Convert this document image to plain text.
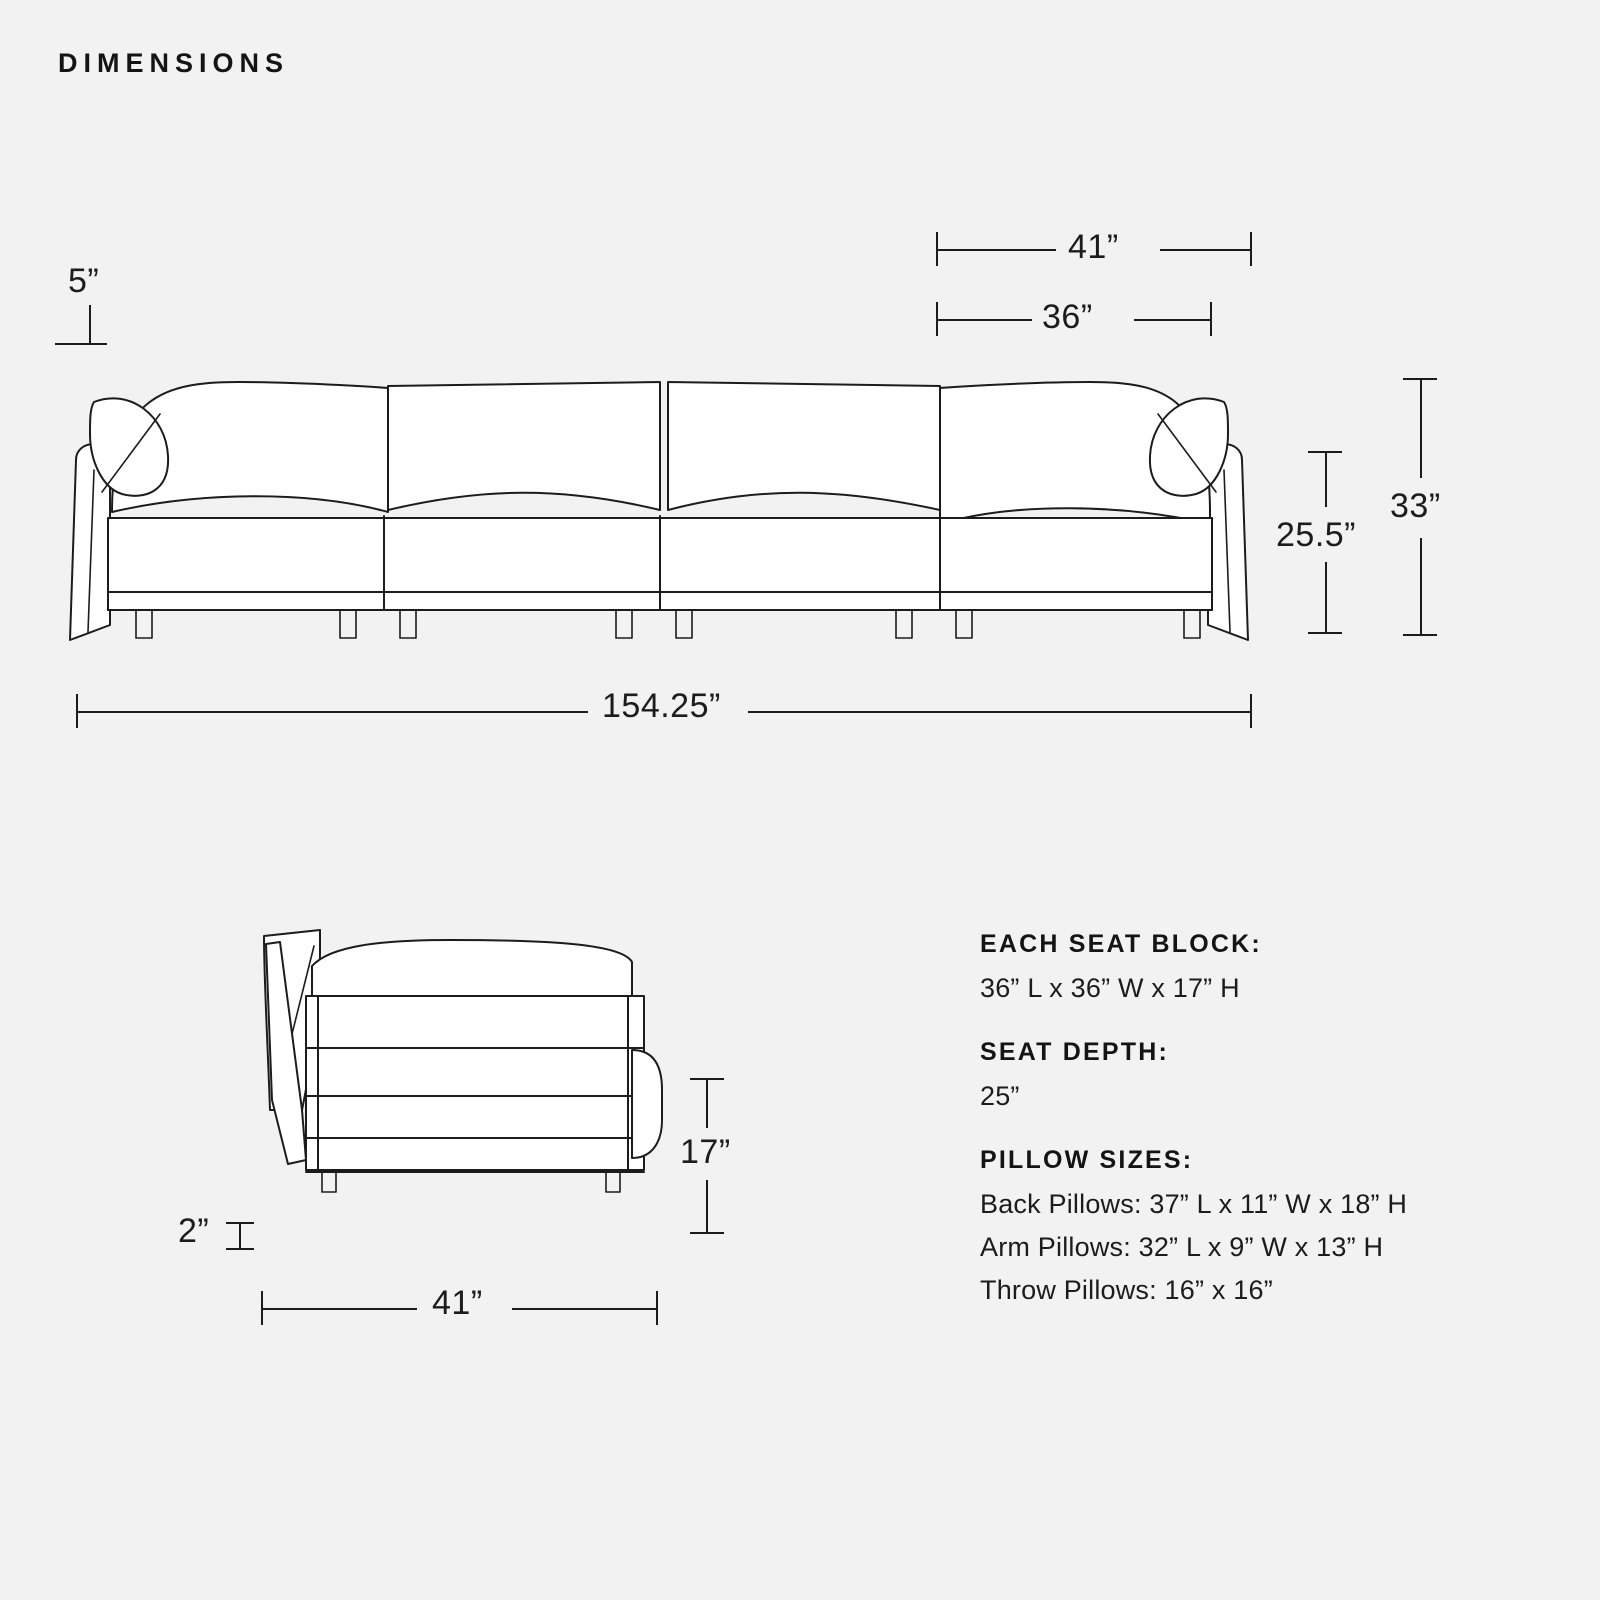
DIMENSIONS
41”
36”
5”
25.5”
33”
154.25”
17”
2”
41”
EACH SEAT BLOCK:
36” L x 36” W x 17” H
SEAT DEPTH:
25”
PILLOW SIZES:
Back Pillows: 37” L x 11” W x 18” H
Arm Pillows: 32” L x 9” W x 13” H
Throw Pillows: 16” x 16”
